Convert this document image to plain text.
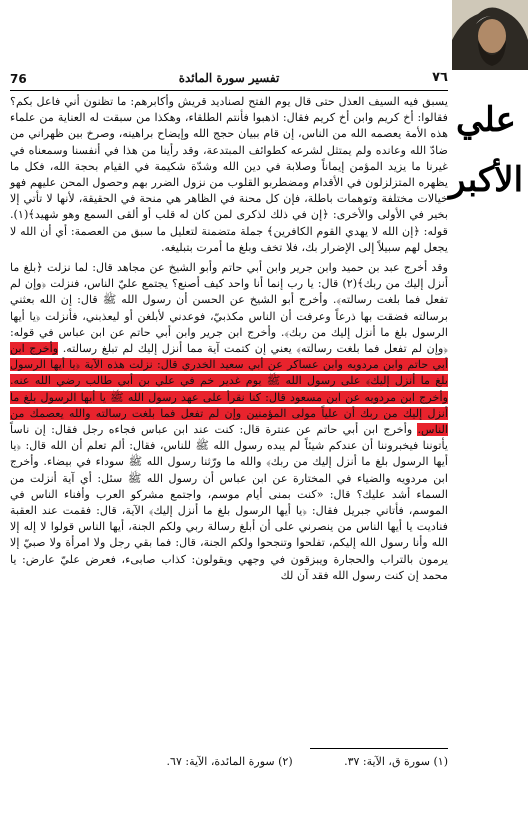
علي الأكبر
76	تفسير سورة المائدة	٧٦

يسبق فيه السيف العذل حتى قال يوم الفتح لصناديد قريش وأكابرهم: ما تظنون أني فاعل بكم؟ فقالوا: أخ كريم وابن أخ كريم فقال: اذهبوا فأنتم الطلقاء، وهكذا من سبقت له العناية من علماء هذه الأمة يعصمه الله من الناس، إن قام ببيان حجج الله وإيضاح براهينه، وصرخ بين ظهراني من ضادّ الله وعانده ولم يمتثل لشرعه كطوائف المبتدعة، وقد رأينا من هذا في أنفسنا وسمعناه في غيرنا ما يزيد المؤمن إيماناً وصلابة في دين الله وشدّة شكيمة في القيام بحجة الله، فكل ما يظهره المتزلزلون في الأقدام ومضطربو القلوب من نزول الضرر بهم وحصول المحن عليهم فهو خيالات مختلفة وتوهمات باطلة، فإن كل محنة في الظاهر هي منحة في الحقيقة، لأنها لا تأتي إلا بخير في الأولى والأخرى: ﴿إن في ذلك لذكرى لمن كان له قلب أو ألقى السمع وهو شهيد﴾(١). قوله: ﴿إن الله لا يهدي القوم الكافرين﴾ جملة متضمنة لتعليل ما سبق من العصمة: أي أن الله لا يجعل لهم سبيلاً إلى الإضرار بك، فلا تخف وبلغ ما أمرت بتبليغه.

وقد أخرج عبد بن حميد وابن جرير وابن أبي حاتم وأبو الشيخ عن مجاهد قال: لما نزلت ﴿بلغ ما أنزل إليك من ربك﴾(٢) قال: يا رب إنما أنا واحد كيف أصنع؟ يجتمع عليّ الناس، فنزلت ﴿وإن لم تفعل فما بلغت رسالته﴾. وأخرج أبو الشيخ عن الحسن أن رسول الله ﷺ قال: إن الله بعثني برسالته فضقت بها ذرعاً وعرفت أن الناس مكذبيّ، فوعدني لأبلغن أو ليعذبني، فأنزلت ﴿يا أيها الرسول بلغ ما أنزل إليك من ربك﴾. وأخرج ابن جرير وابن أبي حاتم عن ابن عباس في قوله: ﴿وإن لم تفعل فما بلغت رسالته﴾ يعني إن كتمت آية مما أنزل إليك لم تبلغ رسالته. وأخرج ابن أبي حاتم وابن مردويه وابن عساكر عن أبي سعيد الخدري قال: نزلت هذه الآية ﴿يا أيها الرسول بلغ ما أنزل إليك﴾ على رسول الله ﷺ يوم غدير خم في علي بن أبي طالب رضي الله عنه. وأخرج ابن مردويه عن ابن مسعود قال: كنا نقرأ على عهد رسول الله ﷺ يا أيها الرسول بلغ ما أنزل إليك من ربك أن علياً مولى المؤمنين وإن لم تفعل فما بلغت رسالته والله يعصمك من الناس. وأخرج ابن أبي حاتم عن عنترة قال: كنت عند ابن عباس فجاءه رجل فقال: إن ناساً يأتوننا فيخبروننا أن عندكم شيئاً لم يبده رسول الله ﷺ للناس، فقال: ألم تعلم أن الله قال: ﴿يا أيها الرسول بلغ ما أنزل إليك من ربك﴾ والله ما ورّثنا رسول الله ﷺ سوداء في بيضاء. وأخرج ابن مردويه والضياء في المختارة عن ابن عباس أن رسول الله ﷺ سئل: أي آية أنزلت من السماء أشد عليك؟ قال: «كنت بمنى أيام موسم، واجتمع مشركو العرب وأفناء الناس في الموسم، فأتاني جبريل فقال: ﴿يا أيها الرسول بلغ ما أنزل إليك﴾ الآية، قال: فقمت عند العقبة فناديت يا أيها الناس من ينصرني على أن أبلغ رسالة ربي ولكم الجنة، أيها الناس قولوا لا إله إلا الله وأنا رسول الله إليكم، تفلحوا وتنجحوا ولكم الجنة، قال: فما بقي رجل ولا امرأة ولا صبيّ إلا يرمون بالتراب والحجارة ويبزقون في وجهي ويقولون: كذاب صابىء، فعرض عليّ عارض: يا محمد إن كنت رسول الله فقد آن لك

(١) سورة ق، الآية: ٣٧. (٢) سورة المائدة، الآية: ٦٧.
